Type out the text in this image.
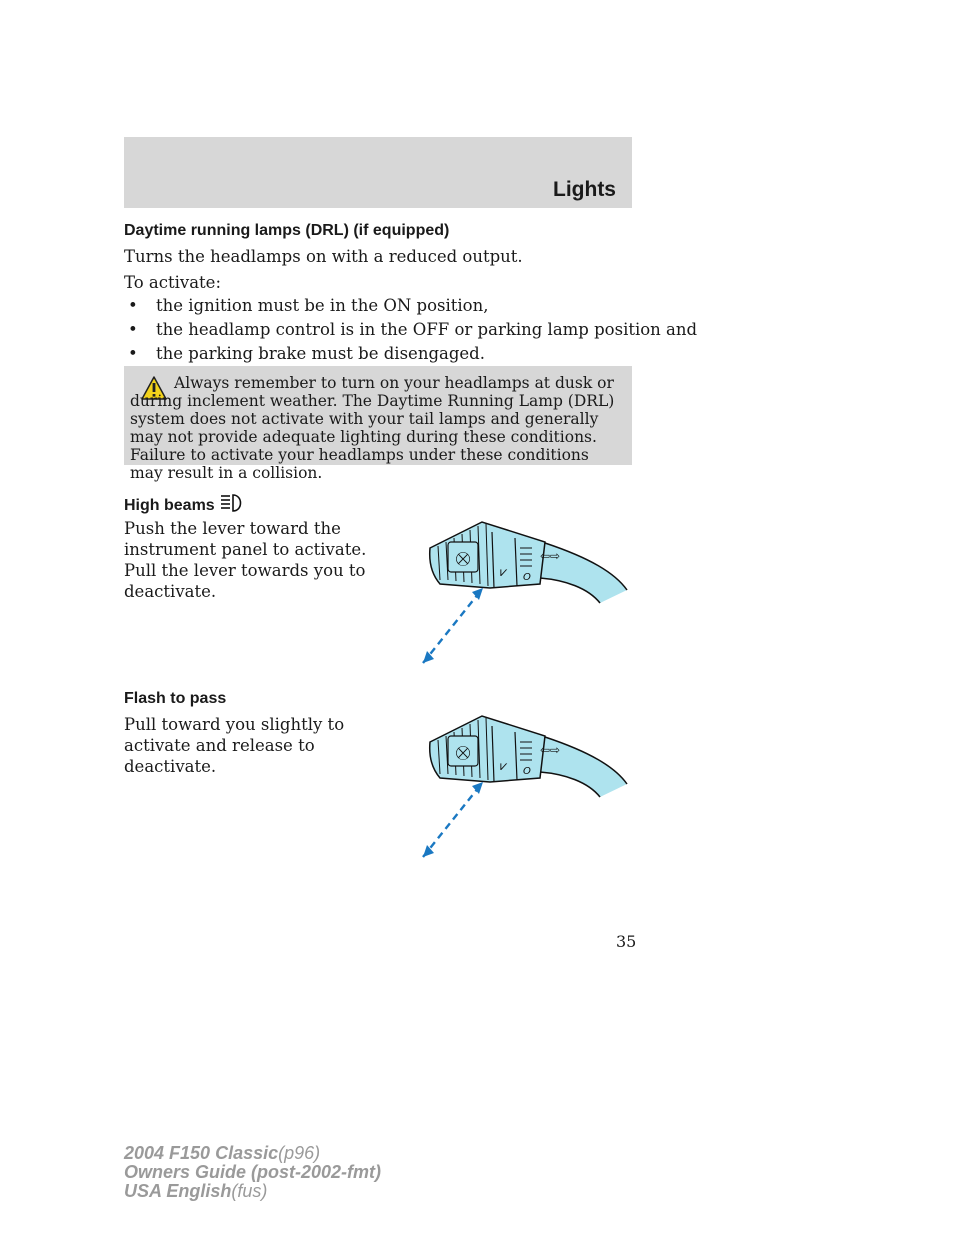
Lights
Daytime running lamps (DRL) (if equipped)
Turns the headlamps on with a reduced output.
To activate:
• the ignition must be in the ON position,
• the headlamp control is in the OFF or parking lamp position and
• the parking brake must be disengaged.
Always remember to turn on your headlamps at dusk or during inclement weather. The Daytime Running Lamp (DRL) system does not activate with your tail lamps and generally may not provide adequate lighting during these conditions. Failure to activate your headlamps under these conditions may result in a collision.
High beams
Push the lever toward the instrument panel to activate. Pull the lever towards you to deactivate.
⛒
⩗ O
⇦⇨
Flash to pass
Pull toward you slightly to activate and release to deactivate.
⛒
⩗ O
⇦⇨
35
2004 F150 Classic(p96)
Owners Guide (post-2002-fmt)
USA English(fus)
